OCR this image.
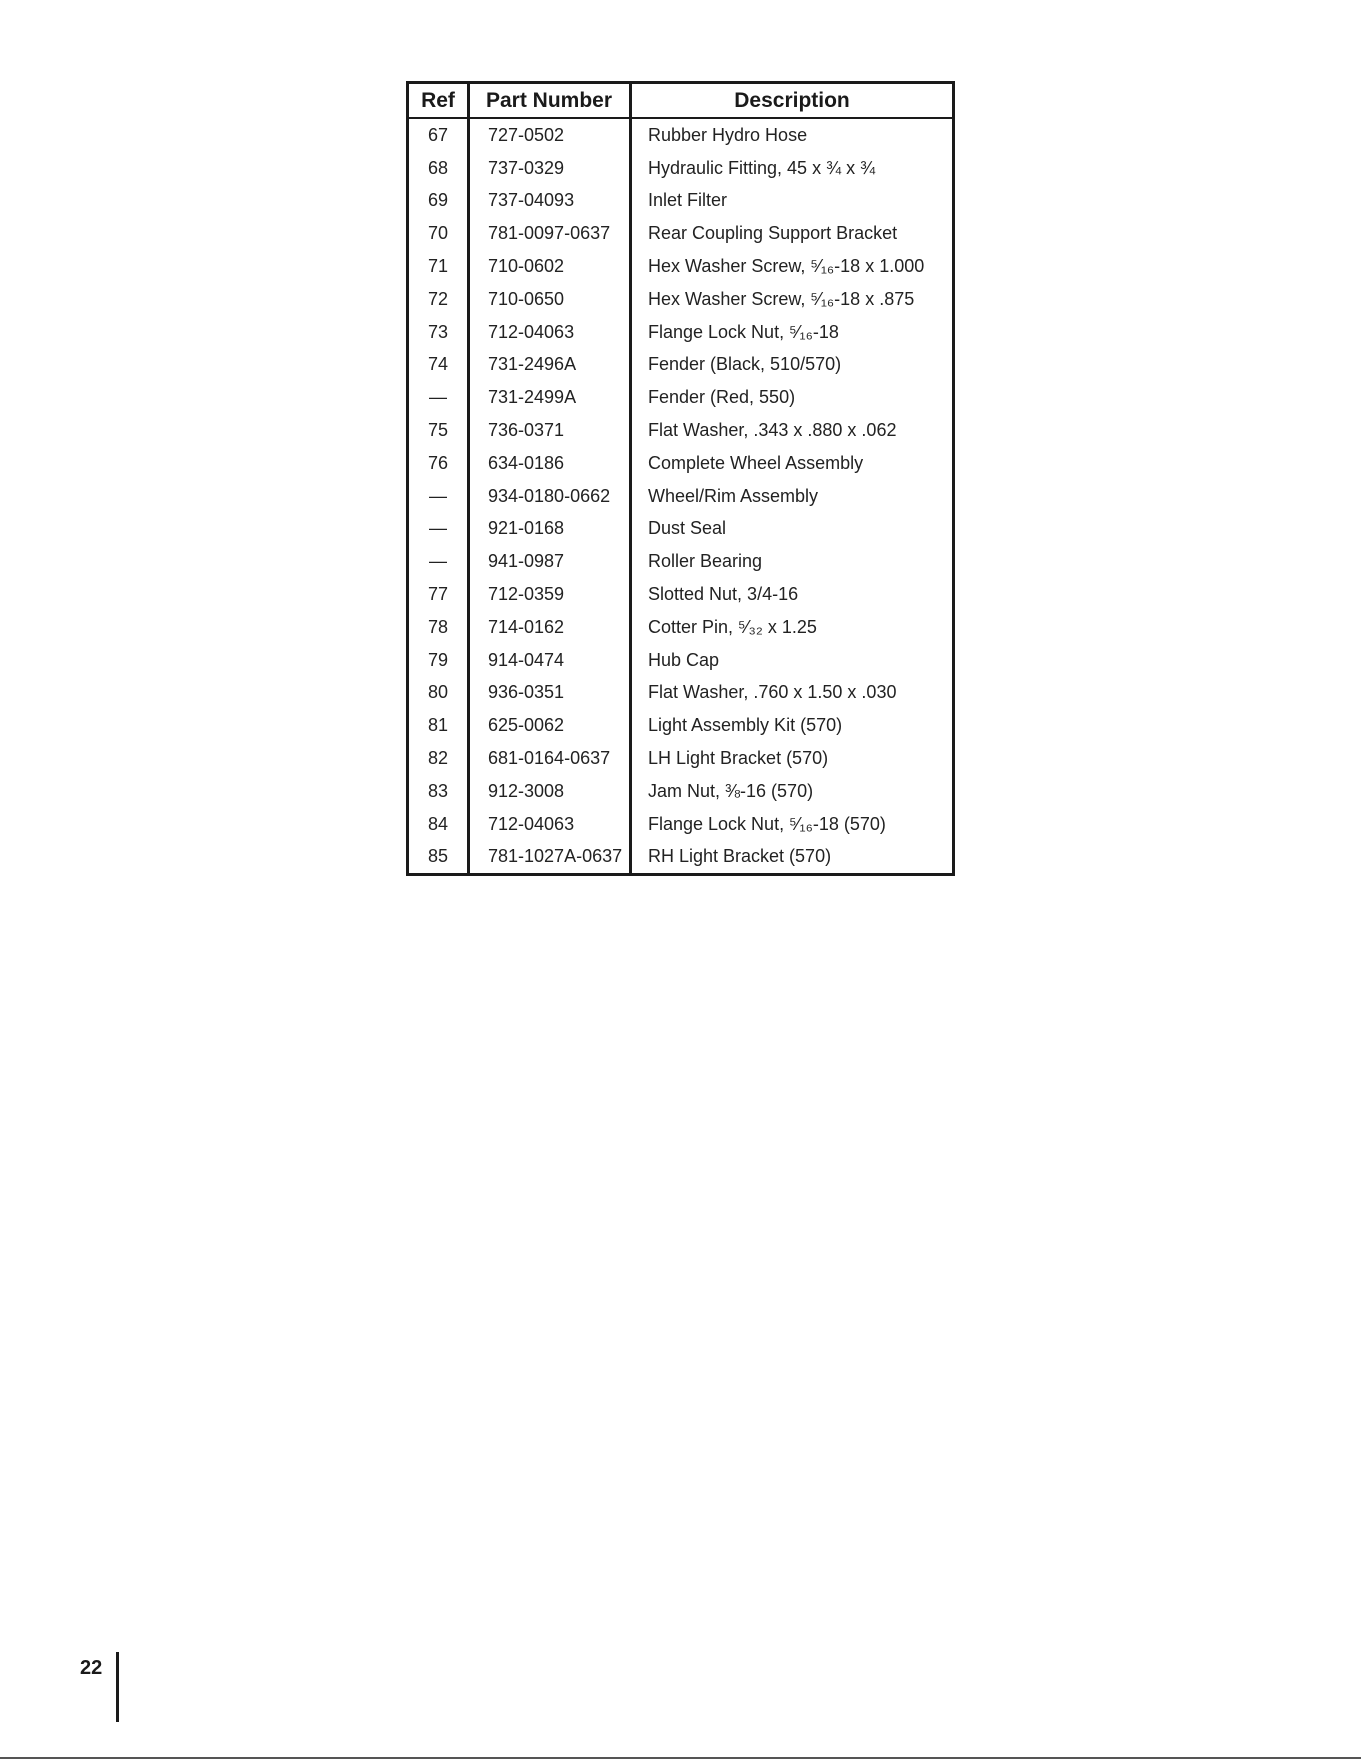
Ref	Part Number	Description
67	727-0502	Rubber Hydro Hose
68	737-0329	Hydraulic Fitting, 45 x ¾ x ¾
69	737-04093	Inlet Filter
70	781-0097-0637	Rear Coupling Support Bracket
71	710-0602	Hex Washer Screw, ⁵⁄₁₆-18 x 1.000
72	710-0650	Hex Washer Screw, ⁵⁄₁₆-18 x .875
73	712-04063	Flange Lock Nut, ⁵⁄₁₆-18
74	731-2496A	Fender (Black, 510/570)
—	731-2499A	Fender (Red, 550)
75	736-0371	Flat Washer, .343 x .880 x .062
76	634-0186	Complete Wheel Assembly
—	934-0180-0662	Wheel/Rim Assembly
—	921-0168	Dust Seal
—	941-0987	Roller Bearing
77	712-0359	Slotted Nut, 3/4-16
78	714-0162	Cotter Pin, ⁵⁄₃₂ x 1.25
79	914-0474	Hub Cap
80	936-0351	Flat Washer, .760 x 1.50 x .030
81	625-0062	Light Assembly Kit (570)
82	681-0164-0637	LH Light Bracket (570)
83	912-3008	Jam Nut, ⅜-16 (570)
84	712-04063	Flange Lock Nut, ⁵⁄₁₆-18 (570)
85	781-1027A-0637	RH Light Bracket (570)
22
